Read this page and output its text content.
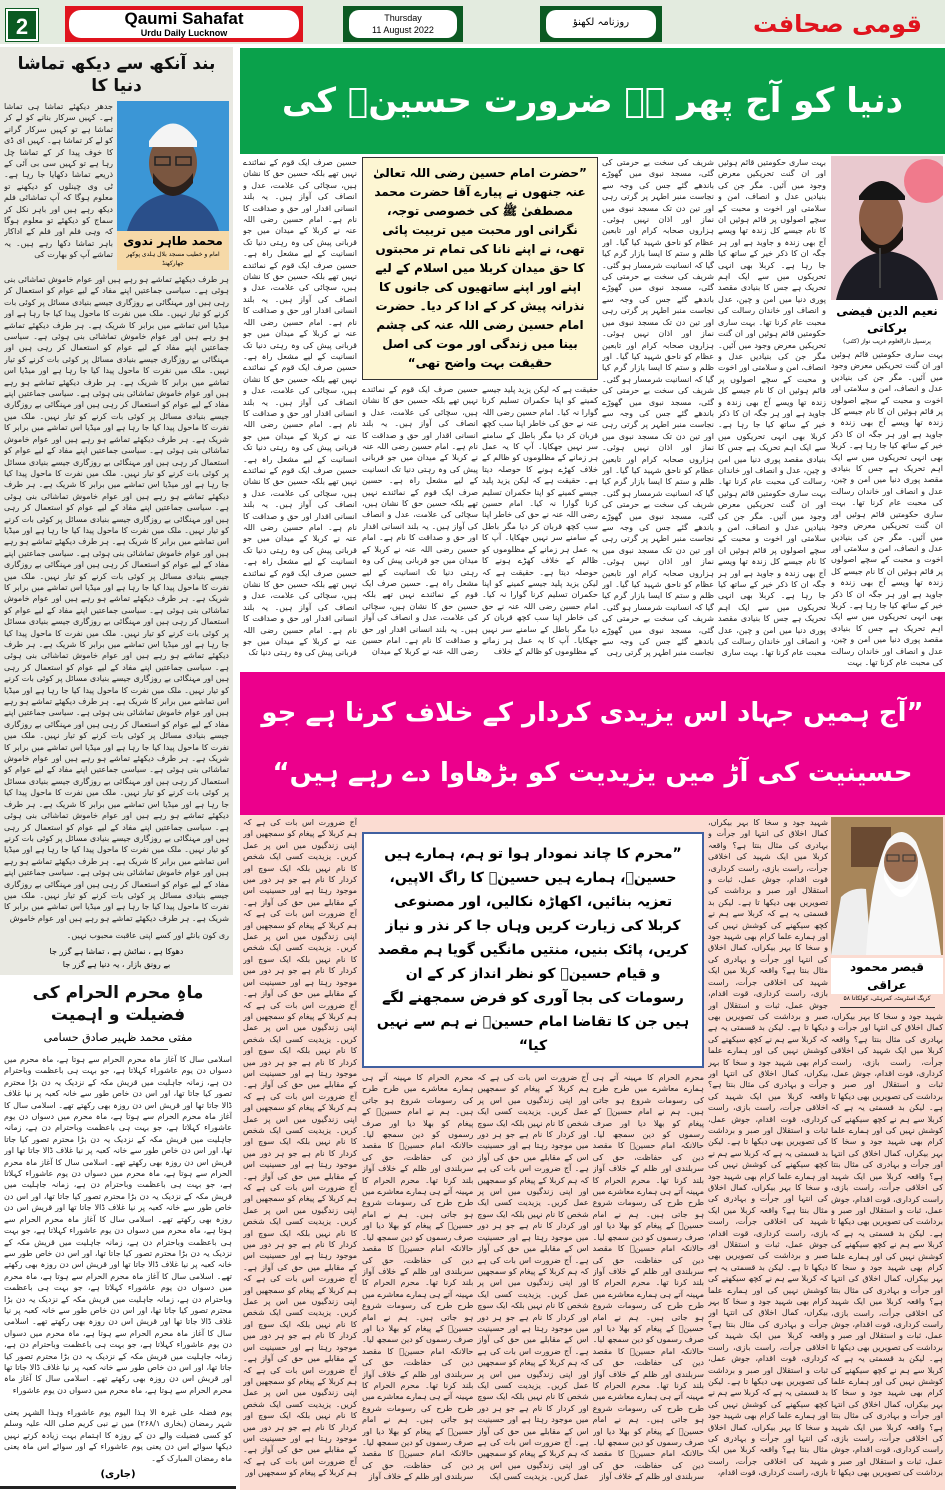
2	Qaumi Sahafat
Urdu Daily Lucknow
Thursday
11 August 2022
روزنامہ لکھنؤ	قومی صحافت
بند آنکھ سے دیکھ تماشا دنیا کا
محمد طاہر ندوی
امام و خطیب مسجد بلال ہلدی پوکھر جھارکھنڈ
جدھر دیکھئے تماشا ہی تماشا ہے۔ کہیں سرکار بنانے کو لے کر تماشا ہے تو کہیں سرکار گرانے کو لے کر تماشا ہے۔ کہیں ای ڈی کا خوف پیدا کر کے تماشا چل رہا ہے تو کہیں سی بی آئی کے ذریعے تماشا دکھایا جا رہا ہے۔ ٹی وی چینلوں کو دیکھنے تو معلوم ہوگا کہ آپ تماشائی فلم دیکھ رہے ہیں اور باہر نکل کر سماج کو دیکھئے تو معلوم ہوگا کہ وہی فلم اور فلم کے اداکار باہر تماشا دکھا رہے ہیں۔ یہ تماشے آپ کو بھارت کی
ہر طرف دیکھئے تماشے ہو رہے ہیں اور عوام خاموش تماشائی بنی ہوئی ہے۔ سیاسی جماعتیں اپنے مفاد کے لیے عوام کو استعمال کر رہی ہیں اور مہنگائی بے روزگاری جیسے بنیادی مسائل پر کوئی بات کرنے کو تیار نہیں۔ ملک میں نفرت کا ماحول پیدا کیا جا رہا ہے اور میڈیا اس تماشے میں برابر کا شریک ہے۔ ہر طرف دیکھئے تماشے ہو رہے ہیں اور عوام خاموش تماشائی بنی ہوئی ہے۔ سیاسی جماعتیں اپنے مفاد کے لیے عوام کو استعمال کر رہی ہیں اور مہنگائی بے روزگاری جیسے بنیادی مسائل پر کوئی بات کرنے کو تیار نہیں۔ ملک میں نفرت کا ماحول پیدا کیا جا رہا ہے اور میڈیا اس تماشے میں برابر کا شریک ہے۔ ہر طرف دیکھئے تماشے ہو رہے ہیں اور عوام خاموش تماشائی بنی ہوئی ہے۔ سیاسی جماعتیں اپنے مفاد کے لیے عوام کو استعمال کر رہی ہیں اور مہنگائی بے روزگاری جیسے بنیادی مسائل پر کوئی بات کرنے کو تیار نہیں۔ ملک میں نفرت کا ماحول پیدا کیا جا رہا ہے اور میڈیا اس تماشے میں برابر کا شریک ہے۔ ہر طرف دیکھئے تماشے ہو رہے ہیں اور عوام خاموش تماشائی بنی ہوئی ہے۔ سیاسی جماعتیں اپنے مفاد کے لیے عوام کو استعمال کر رہی ہیں اور مہنگائی بے روزگاری جیسے بنیادی مسائل پر کوئی بات کرنے کو تیار نہیں۔ ملک میں نفرت کا ماحول پیدا کیا جا رہا ہے اور میڈیا اس تماشے میں برابر کا شریک ہے۔ ہر طرف دیکھئے تماشے ہو رہے ہیں اور عوام خاموش تماشائی بنی ہوئی ہے۔ سیاسی جماعتیں اپنے مفاد کے لیے عوام کو استعمال کر رہی ہیں اور مہنگائی بے روزگاری جیسے بنیادی مسائل پر کوئی بات کرنے کو تیار نہیں۔ ملک میں نفرت کا ماحول پیدا کیا جا رہا ہے اور میڈیا اس تماشے میں برابر کا شریک ہے۔ ہر طرف دیکھئے تماشے ہو رہے ہیں اور عوام خاموش تماشائی بنی ہوئی ہے۔ سیاسی جماعتیں اپنے مفاد کے لیے عوام کو استعمال کر رہی ہیں اور مہنگائی بے روزگاری جیسے بنیادی مسائل پر کوئی بات کرنے کو تیار نہیں۔ ملک میں نفرت کا ماحول پیدا کیا جا رہا ہے اور میڈیا اس تماشے میں برابر کا شریک ہے۔ ہر طرف دیکھئے تماشے ہو رہے ہیں اور عوام خاموش تماشائی بنی ہوئی ہے۔ سیاسی جماعتیں اپنے مفاد کے لیے عوام کو استعمال کر رہی ہیں اور مہنگائی بے روزگاری جیسے بنیادی مسائل پر کوئی بات کرنے کو تیار نہیں۔ ملک میں نفرت کا ماحول پیدا کیا جا رہا ہے اور میڈیا اس تماشے میں برابر کا شریک ہے۔ ہر طرف دیکھئے تماشے ہو رہے ہیں اور عوام خاموش تماشائی بنی ہوئی ہے۔ سیاسی جماعتیں اپنے مفاد کے لیے عوام کو استعمال کر رہی ہیں اور مہنگائی بے روزگاری جیسے بنیادی مسائل پر کوئی بات کرنے کو تیار نہیں۔ ملک میں نفرت کا ماحول پیدا کیا جا رہا ہے اور میڈیا اس تماشے میں برابر کا شریک ہے۔ ہر طرف دیکھئے تماشے ہو رہے ہیں اور عوام خاموش تماشائی بنی ہوئی ہے۔ سیاسی جماعتیں اپنے مفاد کے لیے عوام کو استعمال کر رہی ہیں اور مہنگائی بے روزگاری جیسے بنیادی مسائل پر کوئی بات کرنے کو تیار نہیں۔ ملک میں نفرت کا ماحول پیدا کیا جا رہا ہے اور میڈیا اس تماشے میں برابر کا شریک ہے۔ ہر طرف دیکھئے تماشے ہو رہے ہیں اور عوام خاموش تماشائی بنی ہوئی ہے۔ سیاسی جماعتیں اپنے مفاد کے لیے عوام کو استعمال کر رہی ہیں اور مہنگائی بے روزگاری جیسے بنیادی مسائل پر کوئی بات کرنے کو تیار نہیں۔ ملک میں نفرت کا ماحول پیدا کیا جا رہا ہے اور میڈیا اس تماشے میں برابر کا شریک ہے۔ ہر طرف دیکھئے تماشے ہو رہے ہیں اور عوام خاموش تماشائی بنی ہوئی ہے۔ سیاسی جماعتیں اپنے مفاد کے لیے عوام کو استعمال کر رہی ہیں اور مہنگائی بے روزگاری جیسے بنیادی مسائل پر کوئی بات کرنے کو تیار نہیں۔ ملک میں نفرت کا ماحول پیدا کیا جا رہا ہے اور میڈیا اس تماشے میں برابر کا شریک ہے۔ ہر طرف دیکھئے تماشے ہو رہے ہیں اور عوام خاموش تماشائی بنی ہوئی ہے۔ سیاسی جماعتیں اپنے مفاد کے لیے عوام کو استعمال کر رہی ہیں اور مہنگائی بے روزگاری جیسے بنیادی مسائل پر کوئی بات کرنے کو تیار نہیں۔ ملک میں نفرت کا ماحول پیدا کیا جا رہا ہے اور میڈیا اس تماشے میں برابر کا شریک ہے۔ ہر طرف دیکھئے تماشے ہو رہے ہیں اور عوام خاموش
ری کون بانٹے اور کسے اپنی عاقبت محبوب نہیں۔
دھوکا ہے ، نمائش ہے ، تماشا ہے گزر جا
بے رونق بازار ، یہ دنیا ہے گزر جا
ماہِ محرم الحرام کی فضیلت و اہمیت
مفتی محمد ظہیر صادق حسامی
اسلامی سال کا آغاز ماہ محرم الحرام سے ہوتا ہے، ماہ محرم میں دسواں دن یوم عاشوراء کہلاتا ہے، جو بہت ہی باعظمت وباحترام دن ہے، زمانہ جاہلیت میں قریش مکہ کے نزدیک یہ دن بڑا محترم تصور کیا جاتا تھا، اور اس دن خاص طور سے خانہ کعبہ پر نیا غلاف ڈالا جاتا تھا اور قریش اس دن روزہ بھی رکھتے تھے۔ اسلامی سال کا آغاز ماہ محرم الحرام سے ہوتا ہے، ماہ محرم میں دسواں دن یوم عاشوراء کہلاتا ہے، جو بہت ہی باعظمت وباحترام دن ہے، زمانہ جاہلیت میں قریش مکہ کے نزدیک یہ دن بڑا محترم تصور کیا جاتا تھا، اور اس دن خاص طور سے خانہ کعبہ پر نیا غلاف ڈالا جاتا تھا اور قریش اس دن روزہ بھی رکھتے تھے۔ اسلامی سال کا آغاز ماہ محرم الحرام سے ہوتا ہے، ماہ محرم میں دسواں دن یوم عاشوراء کہلاتا ہے، جو بہت ہی باعظمت وباحترام دن ہے، زمانہ جاہلیت میں قریش مکہ کے نزدیک یہ دن بڑا محترم تصور کیا جاتا تھا، اور اس دن خاص طور سے خانہ کعبہ پر نیا غلاف ڈالا جاتا تھا اور قریش اس دن روزہ بھی رکھتے تھے۔ اسلامی سال کا آغاز ماہ محرم الحرام سے ہوتا ہے، ماہ محرم میں دسواں دن یوم عاشوراء کہلاتا ہے، جو بہت ہی باعظمت وباحترام دن ہے، زمانہ جاہلیت میں قریش مکہ کے نزدیک یہ دن بڑا محترم تصور کیا جاتا تھا، اور اس دن خاص طور سے خانہ کعبہ پر نیا غلاف ڈالا جاتا تھا اور قریش اس دن روزہ بھی رکھتے تھے۔ اسلامی سال کا آغاز ماہ محرم الحرام سے ہوتا ہے، ماہ محرم میں دسواں دن یوم عاشوراء کہلاتا ہے، جو بہت ہی باعظمت وباحترام دن ہے، زمانہ جاہلیت میں قریش مکہ کے نزدیک یہ دن بڑا محترم تصور کیا جاتا تھا، اور اس دن خاص طور سے خانہ کعبہ پر نیا غلاف ڈالا جاتا تھا اور قریش اس دن روزہ بھی رکھتے تھے۔ اسلامی سال کا آغاز ماہ محرم الحرام سے ہوتا ہے، ماہ محرم میں دسواں دن یوم عاشوراء کہلاتا ہے، جو بہت ہی باعظمت وباحترام دن ہے، زمانہ جاہلیت میں قریش مکہ کے نزدیک یہ دن بڑا محترم تصور کیا جاتا تھا، اور اس دن خاص طور سے خانہ کعبہ پر نیا غلاف ڈالا جاتا تھا اور قریش اس دن روزہ بھی رکھتے تھے۔ اسلامی سال کا آغاز ماہ محرم الحرام سے ہوتا ہے، ماہ محرم میں دسواں دن یوم عاشوراء
یوم فضلہ علی غیرہ الا ہذا الیوم یوم عاشوراء وہذا الشہر یعنی شہر رمضان (بخاری ۲۶۸/۱) میں نے نبی کریم صلی اللہ علیہ وسلم کو کسی فضیلت والے دن کے روزہ کا اہتمام بہت زیادہ کرتے نہیں دیکھا سوائے اس دن یعنی یوم عاشوراء کے اور سوائے اس ماہ یعنی ماہ رمضان المبارک کے۔
(جاری)
دنیا کو آج پھر ہے ضرورت حسینؓ کی
نعیم الدین فیضی برکاتی
پرنسپل دارالعلوم غریب نواز (کٹنی)
بہت ساری حکومتیں قائم ہوئیں اور ان گنت تحریکیں معرض وجود میں آئیں۔ مگر جن کی بنیادیں عدل و انصاف، امن و سلامتی اور اخوت و محبت کے سچے اصولوں پر قائم ہوئیں ان کا نام جیسے کل زندہ تھا ویسے آج بھی زندہ و جاوید ہے اور ہر جگہ ان کا ذکر خیر کے ساتھ کیا جا رہا ہے۔ کربلا بھی انہی تحریکوں میں سے ایک اہم تحریک ہے جس کا بنیادی مقصد پوری دنیا میں امن و چین، عدل و انصاف اور خاندان رسالت کی محبت عام کرنا تھا۔ بہت ساری حکومتیں قائم ہوئیں اور ان گنت تحریکیں معرض وجود میں آئیں۔ مگر جن کی بنیادیں عدل و انصاف، امن و سلامتی اور اخوت و محبت کے سچے اصولوں پر قائم ہوئیں ان کا نام جیسے کل زندہ تھا ویسے آج بھی زندہ و جاوید ہے اور ہر جگہ ان کا ذکر خیر کے ساتھ کیا جا رہا ہے۔ کربلا بھی انہی تحریکوں میں سے ایک اہم تحریک ہے جس کا بنیادی مقصد پوری دنیا میں امن و چین، عدل و انصاف اور خاندان رسالت کی محبت عام کرنا تھا۔ بہت
بہت ساری حکومتیں قائم ہوئیں اور ان گنت تحریکیں معرض وجود میں آئیں۔ مگر جن کی بنیادیں عدل و انصاف، امن و سلامتی اور اخوت و محبت کے سچے اصولوں پر قائم ہوئیں ان کا نام جیسے کل زندہ تھا ویسے آج بھی زندہ و جاوید ہے اور ہر جگہ ان کا ذکر خیر کے ساتھ کیا جا رہا ہے۔ کربلا بھی انہی تحریکوں میں سے ایک اہم تحریک ہے جس کا بنیادی مقصد پوری دنیا میں امن و چین، عدل و انصاف اور خاندان رسالت کی محبت عام کرنا تھا۔ بہت ساری حکومتیں قائم ہوئیں اور ان گنت تحریکیں معرض وجود میں آئیں۔ مگر جن کی بنیادیں عدل و انصاف، امن و سلامتی اور اخوت و محبت کے سچے اصولوں پر قائم ہوئیں ان کا نام جیسے کل زندہ تھا ویسے آج بھی زندہ و جاوید ہے اور ہر جگہ ان کا ذکر خیر کے ساتھ کیا جا رہا ہے۔ کربلا بھی انہی تحریکوں میں سے ایک اہم تحریک ہے جس کا بنیادی مقصد پوری دنیا میں امن و چین، عدل و انصاف اور خاندان رسالت کی محبت عام کرنا تھا۔ بہت ساری حکومتیں قائم ہوئیں اور ان گنت تحریکیں معرض وجود میں آئیں۔ مگر جن کی بنیادیں عدل و انصاف، امن و سلامتی اور اخوت و محبت کے سچے اصولوں پر قائم ہوئیں ان کا نام جیسے کل زندہ تھا ویسے آج بھی زندہ و جاوید ہے اور ہر جگہ ان کا ذکر خیر کے ساتھ کیا جا رہا ہے۔ کربلا بھی انہی تحریکوں میں سے ایک اہم تحریک ہے جس کا بنیادی مقصد پوری دنیا میں امن و چین، عدل و انصاف اور خاندان رسالت کی محبت عام کرنا تھا۔ بہت ساری
شریف کی سخت بے حرمتی کی گئی، مسجد نبوی میں گھوڑے باندھے گئے جس کی وجہ سے نجاست منبر اطہر پر گرتی رہی اور تین دن تک مسجد نبوی میں نماز اور اذان نہیں ہوئی۔ ہزاروں صحابہ کرام اور تابعین عظام کو ناحق شہید کیا گیا۔ اور ظلم و ستم کا ایسا بازار گرم کیا گیا کہ انسانیت شرمسار ہو گئی۔ شریف کی سخت بے حرمتی کی گئی، مسجد نبوی میں گھوڑے باندھے گئے جس کی وجہ سے نجاست منبر اطہر پر گرتی رہی اور تین دن تک مسجد نبوی میں نماز اور اذان نہیں ہوئی۔ ہزاروں صحابہ کرام اور تابعین عظام کو ناحق شہید کیا گیا۔ اور ظلم و ستم کا ایسا بازار گرم کیا گیا کہ انسانیت شرمسار ہو گئی۔ شریف کی سخت بے حرمتی کی گئی، مسجد نبوی میں گھوڑے باندھے گئے جس کی وجہ سے نجاست منبر اطہر پر گرتی رہی اور تین دن تک مسجد نبوی میں نماز اور اذان نہیں ہوئی۔ ہزاروں صحابہ کرام اور تابعین عظام کو ناحق شہید کیا گیا۔ اور ظلم و ستم کا ایسا بازار گرم کیا گیا کہ انسانیت شرمسار ہو گئی۔ شریف کی سخت بے حرمتی کی گئی، مسجد نبوی میں گھوڑے باندھے گئے جس کی وجہ سے نجاست منبر اطہر پر گرتی رہی اور تین دن تک مسجد نبوی میں نماز اور اذان نہیں ہوئی۔ ہزاروں صحابہ کرام اور تابعین عظام کو ناحق شہید کیا گیا۔ اور ظلم و ستم کا ایسا بازار گرم کیا گیا کہ انسانیت شرمسار ہو گئی۔ شریف کی سخت بے حرمتی کی گئی، مسجد نبوی میں گھوڑے باندھے گئے جس کی وجہ سے نجاست منبر اطہر پر گرتی رہی
”حضرت امام حسین رضی اللہ تعالیٰ عنہ جنھوں نے پیارے آقا حضرت محمد مصطفیٰ ﷺ کی خصوصی توجہ، نگرانی اور محبت میں تربیت پائی تھی، نے اپنے نانا کی تمام تر محبتوں کا حق میدان کربلا میں اسلام کے لیے اپنے اور اپنے ساتھیوں کی جانوں کا نذرانہ پیش کر کے ادا کر دیا۔ حضرت امام حسین رضی اللہ عنہ کی چشم بینا میں زندگی اور موت کی اصل حقیقت بہت واضح تھی“
حقیقت ہے کہ لیکن یزید پلید جیسے کمینے کو اپنا حکمران تسلیم کرنا گوارا نہ کیا۔ امام حسین رضی اللہ عنہ نے حق کی خاطر اپنا سب کچھ قربان کر دیا مگر باطل کے سامنے سر نہیں جھکایا۔ آپ کا یہ عمل ہر زمانے کے مظلوموں کو ظالم کے خلاف کھڑے ہونے کا حوصلہ دیتا ہے۔ حقیقت ہے کہ لیکن یزید پلید جیسے کمینے کو اپنا حکمران تسلیم کرنا گوارا نہ کیا۔ امام حسین رضی اللہ عنہ نے حق کی خاطر اپنا سب کچھ قربان کر دیا مگر باطل کے سامنے سر نہیں جھکایا۔ آپ کا یہ عمل ہر زمانے کے مظلوموں کو ظالم کے خلاف کھڑے ہونے کا حوصلہ دیتا ہے۔ حقیقت ہے کہ لیکن یزید پلید جیسے کمینے کو اپنا حکمران تسلیم کرنا گوارا نہ کیا۔ امام حسین رضی اللہ عنہ نے حق کی خاطر اپنا سب کچھ قربان کر دیا مگر باطل کے سامنے سر نہیں جھکایا۔ آپ کا یہ عمل ہر زمانے کے مظلوموں کو ظالم کے خلاف
حسین صرف ایک قوم کے نمائندے نہیں تھے بلکہ حسین حق کا نشان ہیں، سچائی کی علامت، عدل و انصاف کی آواز ہیں۔ یہ بلند انسانی اقدار اور حق و صداقت کا نام ہے۔ امام حسین رضی اللہ عنہ نے کربلا کے میدان میں جو قربانی پیش کی وہ رہتی دنیا تک انسانیت کے لیے مشعل راہ ہے۔ حسین صرف ایک قوم کے نمائندے نہیں تھے بلکہ حسین حق کا نشان ہیں، سچائی کی علامت، عدل و انصاف کی آواز ہیں۔ یہ بلند انسانی اقدار اور حق و صداقت کا نام ہے۔ امام حسین رضی اللہ عنہ نے کربلا کے میدان میں جو قربانی پیش کی وہ رہتی دنیا تک انسانیت کے لیے مشعل راہ ہے۔ حسین صرف ایک قوم کے نمائندے نہیں تھے بلکہ حسین حق کا نشان ہیں، سچائی کی علامت، عدل و انصاف کی آواز ہیں۔ یہ بلند انسانی اقدار اور حق و صداقت کا نام ہے۔ امام حسین رضی اللہ عنہ نے کربلا کے میدان
حسین صرف ایک قوم کے نمائندے نہیں تھے بلکہ حسین حق کا نشان ہیں، سچائی کی علامت، عدل و انصاف کی آواز ہیں۔ یہ بلند انسانی اقدار اور حق و صداقت کا نام ہے۔ امام حسین رضی اللہ عنہ نے کربلا کے میدان میں جو قربانی پیش کی وہ رہتی دنیا تک انسانیت کے لیے مشعل راہ ہے۔ حسین صرف ایک قوم کے نمائندے نہیں تھے بلکہ حسین حق کا نشان ہیں، سچائی کی علامت، عدل و انصاف کی آواز ہیں۔ یہ بلند انسانی اقدار اور حق و صداقت کا نام ہے۔ امام حسین رضی اللہ عنہ نے کربلا کے میدان میں جو قربانی پیش کی وہ رہتی دنیا تک انسانیت کے لیے مشعل راہ ہے۔ حسین صرف ایک قوم کے نمائندے نہیں تھے بلکہ حسین حق کا نشان ہیں، سچائی کی علامت، عدل و انصاف کی آواز ہیں۔ یہ بلند انسانی اقدار اور حق و صداقت کا نام ہے۔ امام حسین رضی اللہ عنہ نے کربلا کے میدان میں جو قربانی پیش کی وہ رہتی دنیا تک انسانیت کے لیے مشعل راہ ہے۔ حسین صرف ایک قوم کے نمائندے نہیں تھے بلکہ حسین حق کا نشان ہیں، سچائی کی علامت، عدل و انصاف کی آواز ہیں۔ یہ بلند انسانی اقدار اور حق و صداقت کا نام ہے۔ امام حسین رضی اللہ عنہ نے کربلا کے میدان میں جو قربانی پیش کی وہ رہتی دنیا تک انسانیت کے لیے مشعل راہ ہے۔ حسین صرف ایک قوم کے نمائندے نہیں تھے بلکہ حسین حق کا نشان ہیں، سچائی کی علامت، عدل و انصاف کی آواز ہیں۔ یہ بلند انسانی اقدار اور حق و صداقت کا نام ہے۔ امام حسین رضی اللہ عنہ نے کربلا کے میدان میں جو قربانی پیش کی وہ رہتی دنیا تک
”آج ہمیں جہاد اس یزیدی کردار کے خلاف کرنا ہے جو حسینیت کی آڑ میں یزیدیت کو بڑھاوا دے رہے ہیں“
قیصر محمود عراقی
کریگ اسٹریٹ، کمرہٹی، کولکاتا ۵۸
شہید جود و سخا کا بہر بیکراں، کمال اخلاق کی انتہا اور جرأت و بہادری کی مثال بنتا ہے؟ واقعہ کربلا میں ایک شہید کی اخلاقی جرأت، راست بازی، راست کرداری، قوت اقدام، جوش عمل، ثبات و استقلال اور صبر و برداشت کی تصویریں بھی دیکھا تا ہے۔ لیکن بد قسمتی یہ ہے کہ کربلا سے ہم نے کچھ سیکھنے کی کوشش نہیں کی اور ہمارے علما کرام بھی شہید جود و سخا کا بہر بیکراں، کمال اخلاق کی انتہا اور جرأت و بہادری کی مثال بنتا ہے؟ واقعہ کربلا میں ایک شہید کی اخلاقی جرأت، راست بازی، راست کرداری، قوت اقدام، جوش عمل، ثبات و استقلال اور صبر و برداشت کی تصویریں بھی دیکھا تا ہے۔ لیکن بد قسمتی یہ ہے کہ کربلا سے ہم نے کچھ سیکھنے کی کوشش نہیں کی اور ہمارے علما کرام بھی شہید جود و سخا کا بہر بیکراں، کمال اخلاق کی انتہا اور جرأت و بہادری کی مثال بنتا ہے؟ واقعہ کربلا میں ایک شہید کی اخلاقی جرأت، راست بازی، راست کرداری، قوت اقدام، جوش عمل، ثبات و استقلال اور صبر و برداشت کی تصویریں بھی دیکھا تا ہے۔ لیکن بد قسمتی یہ ہے کہ کربلا سے ہم نے کچھ سیکھنے کی کوشش نہیں کی اور ہمارے علما کرام بھی شہید جود و سخا کا بہر بیکراں، کمال اخلاق کی انتہا اور جرأت و بہادری کی مثال بنتا ہے؟ واقعہ کربلا میں ایک شہید کی اخلاقی جرأت، راست بازی، راست کرداری، قوت اقدام، جوش عمل، ثبات و استقلال اور صبر و برداشت کی تصویریں بھی دیکھا تا
شہید جود و سخا کا بہر بیکراں، کمال اخلاق کی انتہا اور جرأت و بہادری کی مثال بنتا ہے؟ واقعہ کربلا میں ایک شہید کی اخلاقی جرأت، راست بازی، راست کرداری، قوت اقدام، جوش عمل، ثبات و استقلال اور صبر و برداشت کی تصویریں بھی دیکھا تا ہے۔ لیکن بد قسمتی یہ ہے کہ کربلا سے ہم نے کچھ سیکھنے کی کوشش نہیں کی اور ہمارے علما کرام بھی شہید جود و سخا کا بہر بیکراں، کمال اخلاق کی انتہا اور جرأت و بہادری کی مثال بنتا ہے؟ واقعہ کربلا میں ایک شہید کی اخلاقی جرأت، راست بازی، راست کرداری، قوت اقدام، جوش عمل، ثبات و استقلال اور صبر و برداشت کی تصویریں بھی دیکھا تا ہے۔ لیکن بد قسمتی یہ ہے کہ کربلا سے ہم نے کچھ سیکھنے کی کوشش نہیں کی اور ہمارے علما کرام بھی شہید جود و سخا کا بہر بیکراں، کمال اخلاق کی انتہا اور جرأت و بہادری کی مثال بنتا ہے؟ واقعہ کربلا میں ایک شہید کی اخلاقی جرأت، راست بازی، راست کرداری، قوت اقدام، جوش عمل، ثبات و استقلال اور صبر و برداشت کی تصویریں بھی دیکھا تا ہے۔ لیکن بد قسمتی یہ ہے کہ کربلا سے ہم نے کچھ سیکھنے کی کوشش نہیں کی اور ہمارے علما کرام بھی شہید جود و سخا کا بہر بیکراں، کمال اخلاق کی انتہا اور جرأت و بہادری کی مثال بنتا ہے؟ واقعہ کربلا میں ایک شہید کی اخلاقی جرأت، راست بازی، راست کرداری، قوت اقدام، جوش عمل، ثبات و استقلال اور صبر و برداشت کی تصویریں بھی دیکھا تا ہے۔ لیکن بد قسمتی یہ ہے کہ کربلا سے ہم نے کچھ سیکھنے کی کوشش نہیں کی اور ہمارے علما کرام بھی شہید جود و سخا کا بہر بیکراں، کمال اخلاق کی انتہا اور جرأت و بہادری کی مثال بنتا ہے؟ واقعہ کربلا میں ایک شہید کی اخلاقی جرأت، راست بازی، راست کرداری، قوت اقدام، جوش عمل، ثبات و استقلال اور صبر و برداشت کی تصویریں بھی دیکھا تا ہے۔ لیکن بد قسمتی یہ ہے کہ کربلا سے ہم نے کچھ سیکھنے کی کوشش نہیں کی اور ہمارے علما کرام بھی شہید جود و سخا کا بہر بیکراں، کمال اخلاق کی انتہا اور جرأت و بہادری کی مثال بنتا ہے؟ واقعہ کربلا میں ایک شہید کی اخلاقی جرأت، راست بازی، راست کرداری، قوت اقدام،
”محرم کا چاند نمودار ہوا تو ہم، ہمارے ہیں حسینؓ، ہمارے ہیں حسینؓ کا راگ الاپیں، تعزیہ بنائیں، اکھاڑہ نکالیں، اور مصنوعی کربلا کی زیارت کریں وہاں جا کر نذر و نیاز کریں، پائک بنیں، منتیں مانگیں گویا ہم مقصد و قیام حسینؓ کو نظر انداز کر کے ان رسومات کی بجا آوری کو فرض سمجھنے لگے ہیں جن کا تقاضا امام حسینؓ نے ہم سے نہیں کیا“
محرم الحرام کا مہینہ آتے ہی ہمارے معاشرے میں طرح طرح کی رسومات شروع ہو جاتی ہیں۔ ہم نے امام حسینؓ کے پیغام کو بھلا دیا اور صرف رسموں کو دین سمجھ لیا۔ حالانکہ امام حسینؓ کا مقصد دین کی حفاظت، حق کی سربلندی اور ظلم کے خلاف آواز بلند کرنا تھا۔ محرم الحرام کا مہینہ آتے ہی ہمارے معاشرے میں طرح طرح کی رسومات شروع ہو جاتی ہیں۔ ہم نے امام حسینؓ کے پیغام کو بھلا دیا اور صرف رسموں کو دین سمجھ لیا۔ حالانکہ امام حسینؓ کا مقصد دین کی حفاظت، حق کی سربلندی اور ظلم کے خلاف آواز بلند کرنا تھا۔ محرم الحرام کا مہینہ آتے ہی ہمارے معاشرے میں طرح طرح کی رسومات شروع ہو جاتی ہیں۔ ہم نے امام حسینؓ کے پیغام کو بھلا دیا اور صرف رسموں کو دین سمجھ لیا۔ حالانکہ امام حسینؓ کا مقصد دین کی حفاظت، حق کی سربلندی اور ظلم کے خلاف آواز بلند کرنا تھا۔ محرم الحرام کا مہینہ آتے ہی ہمارے معاشرے میں طرح طرح کی رسومات شروع ہو جاتی ہیں۔ ہم نے امام حسینؓ کے پیغام کو بھلا دیا اور صرف رسموں کو دین سمجھ لیا۔ حالانکہ امام حسینؓ کا مقصد دین کی حفاظت، حق کی سربلندی اور ظلم کے خلاف آواز
آج ضرورت اس بات کی ہے کہ ہم کربلا کے پیغام کو سمجھیں اور اپنی زندگیوں میں اس پر عمل کریں۔ یزیدیت کسی ایک شخص کا نام نہیں بلکہ ایک سوچ اور کردار کا نام ہے جو ہر دور میں موجود رہتا ہے اور حسینیت اس کے مقابلے میں حق کی آواز ہے۔ آج ضرورت اس بات کی ہے کہ ہم کربلا کے پیغام کو سمجھیں اور اپنی زندگیوں میں اس پر عمل کریں۔ یزیدیت کسی ایک شخص کا نام نہیں بلکہ ایک سوچ اور کردار کا نام ہے جو ہر دور میں موجود رہتا ہے اور حسینیت اس کے مقابلے میں حق کی آواز ہے۔ آج ضرورت اس بات کی ہے کہ ہم کربلا کے پیغام کو سمجھیں اور اپنی زندگیوں میں اس پر عمل کریں۔ یزیدیت کسی ایک شخص کا نام نہیں بلکہ ایک سوچ اور کردار کا نام ہے جو ہر دور میں موجود رہتا ہے اور حسینیت اس کے مقابلے میں حق کی آواز ہے۔ آج ضرورت اس بات کی ہے کہ ہم کربلا کے پیغام کو سمجھیں اور اپنی زندگیوں میں اس پر عمل کریں۔ یزیدیت کسی ایک شخص کا نام نہیں بلکہ ایک سوچ اور کردار کا نام ہے جو ہر دور میں موجود رہتا ہے اور حسینیت اس کے مقابلے میں حق کی آواز ہے۔ آج ضرورت اس بات کی ہے کہ ہم کربلا کے پیغام کو سمجھیں اور اپنی زندگیوں میں اس پر عمل کریں۔ یزیدیت کسی ایک
محرم الحرام کا مہینہ آتے ہی ہمارے معاشرے میں طرح طرح کی رسومات شروع ہو جاتی ہیں۔ ہم نے امام حسینؓ کے پیغام کو بھلا دیا اور صرف رسموں کو دین سمجھ لیا۔ حالانکہ امام حسینؓ کا مقصد دین کی حفاظت، حق کی سربلندی اور ظلم کے خلاف آواز بلند کرنا تھا۔ محرم الحرام کا مہینہ آتے ہی ہمارے معاشرے میں طرح طرح کی رسومات شروع ہو جاتی ہیں۔ ہم نے امام حسینؓ کے پیغام کو بھلا دیا اور صرف رسموں کو دین سمجھ لیا۔ حالانکہ امام حسینؓ کا مقصد دین کی حفاظت، حق کی سربلندی اور ظلم کے خلاف آواز بلند کرنا تھا۔ محرم الحرام کا مہینہ آتے ہی ہمارے معاشرے میں طرح طرح کی رسومات شروع ہو جاتی ہیں۔ ہم نے امام حسینؓ کے پیغام کو بھلا دیا اور صرف رسموں کو دین سمجھ لیا۔ حالانکہ امام حسینؓ کا مقصد دین کی حفاظت، حق کی سربلندی اور ظلم کے خلاف آواز بلند کرنا تھا۔ محرم الحرام کا مہینہ آتے ہی ہمارے معاشرے میں طرح طرح کی رسومات شروع ہو جاتی ہیں۔ ہم نے امام حسینؓ کے پیغام کو بھلا دیا اور صرف رسموں کو دین سمجھ لیا۔ حالانکہ امام حسینؓ کا مقصد دین کی حفاظت، حق کی سربلندی اور ظلم کے خلاف آواز
آج ضرورت اس بات کی ہے کہ ہم کربلا کے پیغام کو سمجھیں اور اپنی زندگیوں میں اس پر عمل کریں۔ یزیدیت کسی ایک شخص کا نام نہیں بلکہ ایک سوچ اور کردار کا نام ہے جو ہر دور میں موجود رہتا ہے اور حسینیت اس کے مقابلے میں حق کی آواز ہے۔ آج ضرورت اس بات کی ہے کہ ہم کربلا کے پیغام کو سمجھیں اور اپنی زندگیوں میں اس پر عمل کریں۔ یزیدیت کسی ایک شخص کا نام نہیں بلکہ ایک سوچ اور کردار کا نام ہے جو ہر دور میں موجود رہتا ہے اور حسینیت اس کے مقابلے میں حق کی آواز ہے۔ آج ضرورت اس بات کی ہے کہ ہم کربلا کے پیغام کو سمجھیں اور اپنی زندگیوں میں اس پر عمل کریں۔ یزیدیت کسی ایک شخص کا نام نہیں بلکہ ایک سوچ اور کردار کا نام ہے جو ہر دور میں موجود رہتا ہے اور حسینیت اس کے مقابلے میں حق کی آواز ہے۔ آج ضرورت اس بات کی ہے کہ ہم کربلا کے پیغام کو سمجھیں اور اپنی زندگیوں میں اس پر عمل کریں۔ یزیدیت کسی ایک شخص کا نام نہیں بلکہ ایک سوچ اور کردار کا نام ہے جو ہر دور میں موجود رہتا ہے اور حسینیت اس کے مقابلے میں حق کی آواز ہے۔ آج ضرورت اس بات کی ہے کہ ہم کربلا کے پیغام کو سمجھیں اور اپنی زندگیوں میں اس پر عمل کریں۔ یزیدیت کسی ایک شخص کا نام نہیں بلکہ ایک سوچ اور کردار کا نام ہے جو ہر دور میں موجود رہتا ہے اور حسینیت اس کے مقابلے میں حق کی آواز ہے۔ آج ضرورت اس بات کی ہے کہ ہم کربلا کے پیغام کو سمجھیں اور اپنی زندگیوں میں اس پر عمل کریں۔ یزیدیت کسی ایک شخص کا نام نہیں بلکہ ایک سوچ اور کردار کا نام ہے جو ہر دور میں موجود رہتا ہے اور حسینیت اس کے مقابلے میں حق کی آواز ہے۔ آج ضرورت اس بات کی ہے کہ ہم کربلا کے پیغام کو سمجھیں اور اپنی زندگیوں میں اس پر عمل کریں۔ یزیدیت کسی ایک شخص کا نام نہیں بلکہ ایک سوچ اور کردار کا نام ہے جو ہر دور میں موجود رہتا ہے اور حسینیت اس کے مقابلے میں حق کی آواز ہے۔ آج ضرورت اس بات کی ہے کہ ہم کربلا کے پیغام کو سمجھیں اور
